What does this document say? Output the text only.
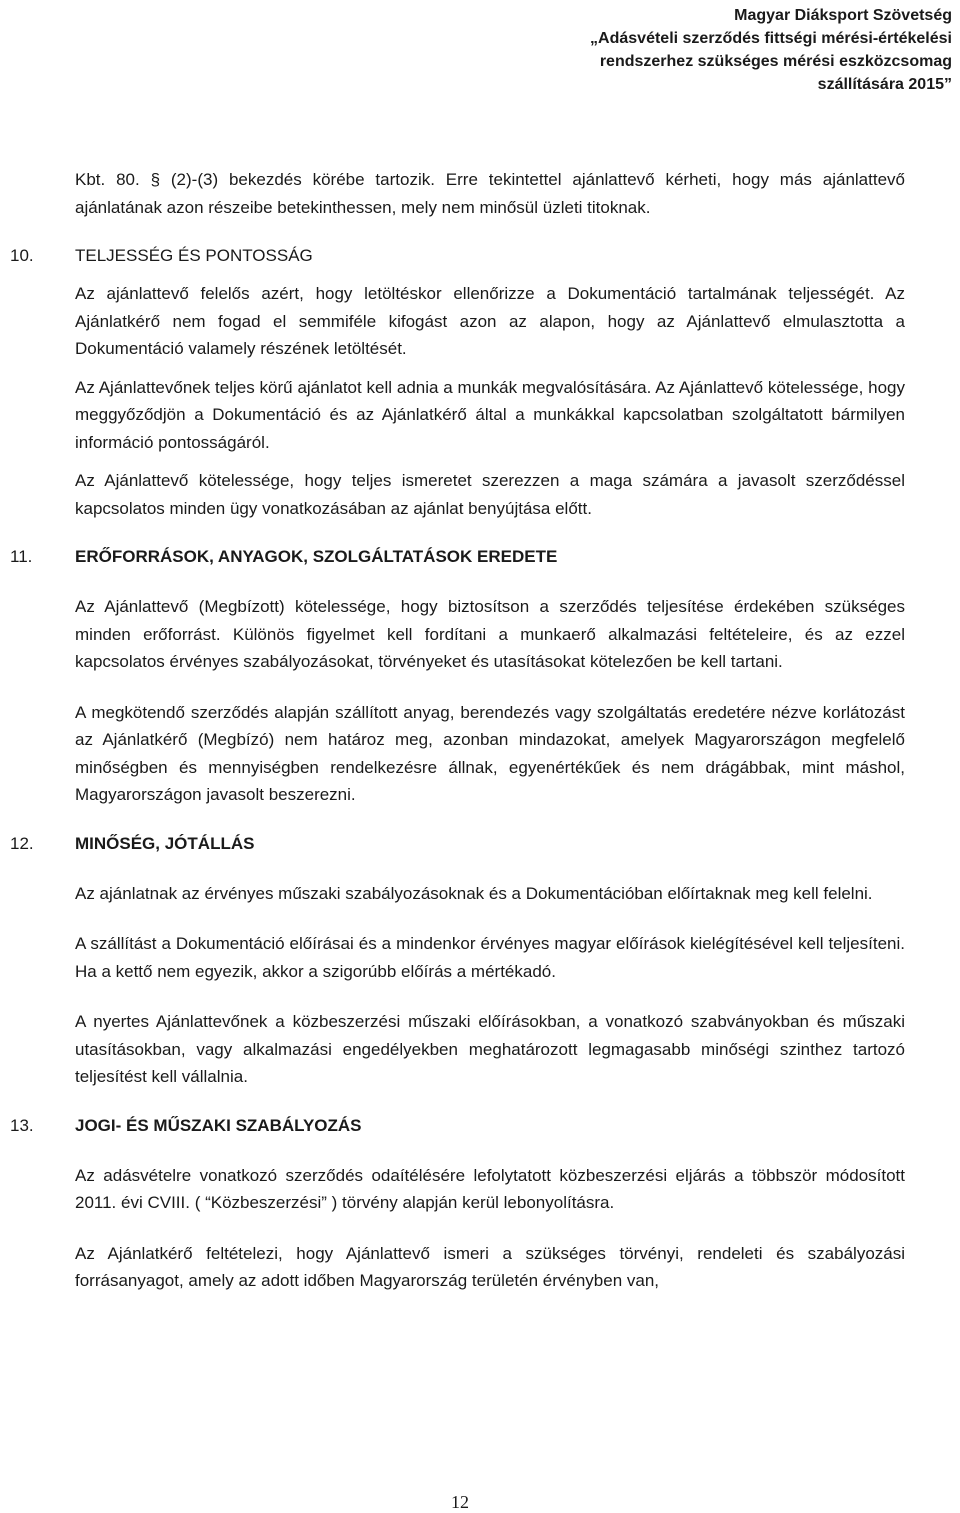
Magyar Diáksport Szövetség
„Adásvételi szerződés fittségi mérési-értékelési
rendszerhez szükséges mérési eszközcsomag
szállítására 2015”

Kbt. 80. § (2)-(3) bekezdés körébe tartozik. Erre tekintettel ajánlattevő kérheti, hogy más ajánlattevő ajánlatának azon részeibe betekinthessen, mely nem minősül üzleti titoknak.

10. TELJESSÉG ÉS PONTOSSÁG

Az ajánlattevő felelős azért, hogy letöltéskor ellenőrizze a Dokumentáció tartalmának teljességét. Az Ajánlatkérő nem fogad el semmiféle kifogást azon az alapon, hogy az Ajánlattevő elmulasztotta a Dokumentáció valamely részének letöltését.

Az Ajánlattevőnek teljes körű ajánlatot kell adnia a munkák megvalósítására. Az Ajánlattevő kötelessége, hogy meggyőződjön a Dokumentáció és az Ajánlatkérő által a munkákkal kapcsolatban szolgáltatott bármilyen információ pontosságáról.

Az Ajánlattevő kötelessége, hogy teljes ismeretet szerezzen a maga számára a javasolt szerződéssel kapcsolatos minden ügy vonatkozásában az ajánlat benyújtása előtt.

11.	ERŐFORRÁSOK, ANYAGOK, SZOLGÁLTATÁSOK EREDETE

Az Ajánlattevő (Megbízott) kötelessége, hogy biztosítson a szerződés teljesítése érdekében szükséges minden erőforrást. Különös figyelmet kell fordítani a munkaerő alkalmazási feltételeire, és az ezzel kapcsolatos érvényes szabályozásokat, törvényeket és utasításokat kötelezően be kell tartani.

A megkötendő szerződés alapján szállított anyag, berendezés vagy szolgáltatás eredetére nézve korlátozást az Ajánlatkérő (Megbízó) nem határoz meg, azonban mindazokat, amelyek Magyarországon megfelelő minőségben és mennyiségben rendelkezésre állnak, egyenértékűek és nem drágábbak, mint máshol, Magyarországon javasolt beszerezni.

12. MINŐSÉG, JÓTÁLLÁS

Az ajánlatnak az érvényes műszaki szabályozásoknak és a Dokumentációban előírtaknak meg kell felelni.

A szállítást a Dokumentáció előírásai és a mindenkor érvényes magyar előírások kielégítésével kell teljesíteni. Ha a kettő nem egyezik, akkor a szigorúbb előírás a mértékadó.

A nyertes Ajánlattevőnek a közbeszerzési műszaki előírásokban, a vonatkozó szabványokban és műszaki utasításokban, vagy alkalmazási engedélyekben meghatározott legmagasabb minőségi szinthez tartozó teljesítést kell vállalnia.

13. JOGI- ÉS MŰSZAKI SZABÁLYOZÁS

Az adásvételre vonatkozó szerződés odaítélésére lefolytatott közbeszerzési eljárás a többször módosított 2011. évi CVIII. ( “Közbeszerzési” ) törvény alapján kerül lebonyolításra.

Az Ajánlatkérő feltételezi, hogy Ajánlattevő ismeri a szükséges törvényi, rendeleti és szabályozási forrásanyagot, amely az adott időben Magyarország területén érvényben van,

12
